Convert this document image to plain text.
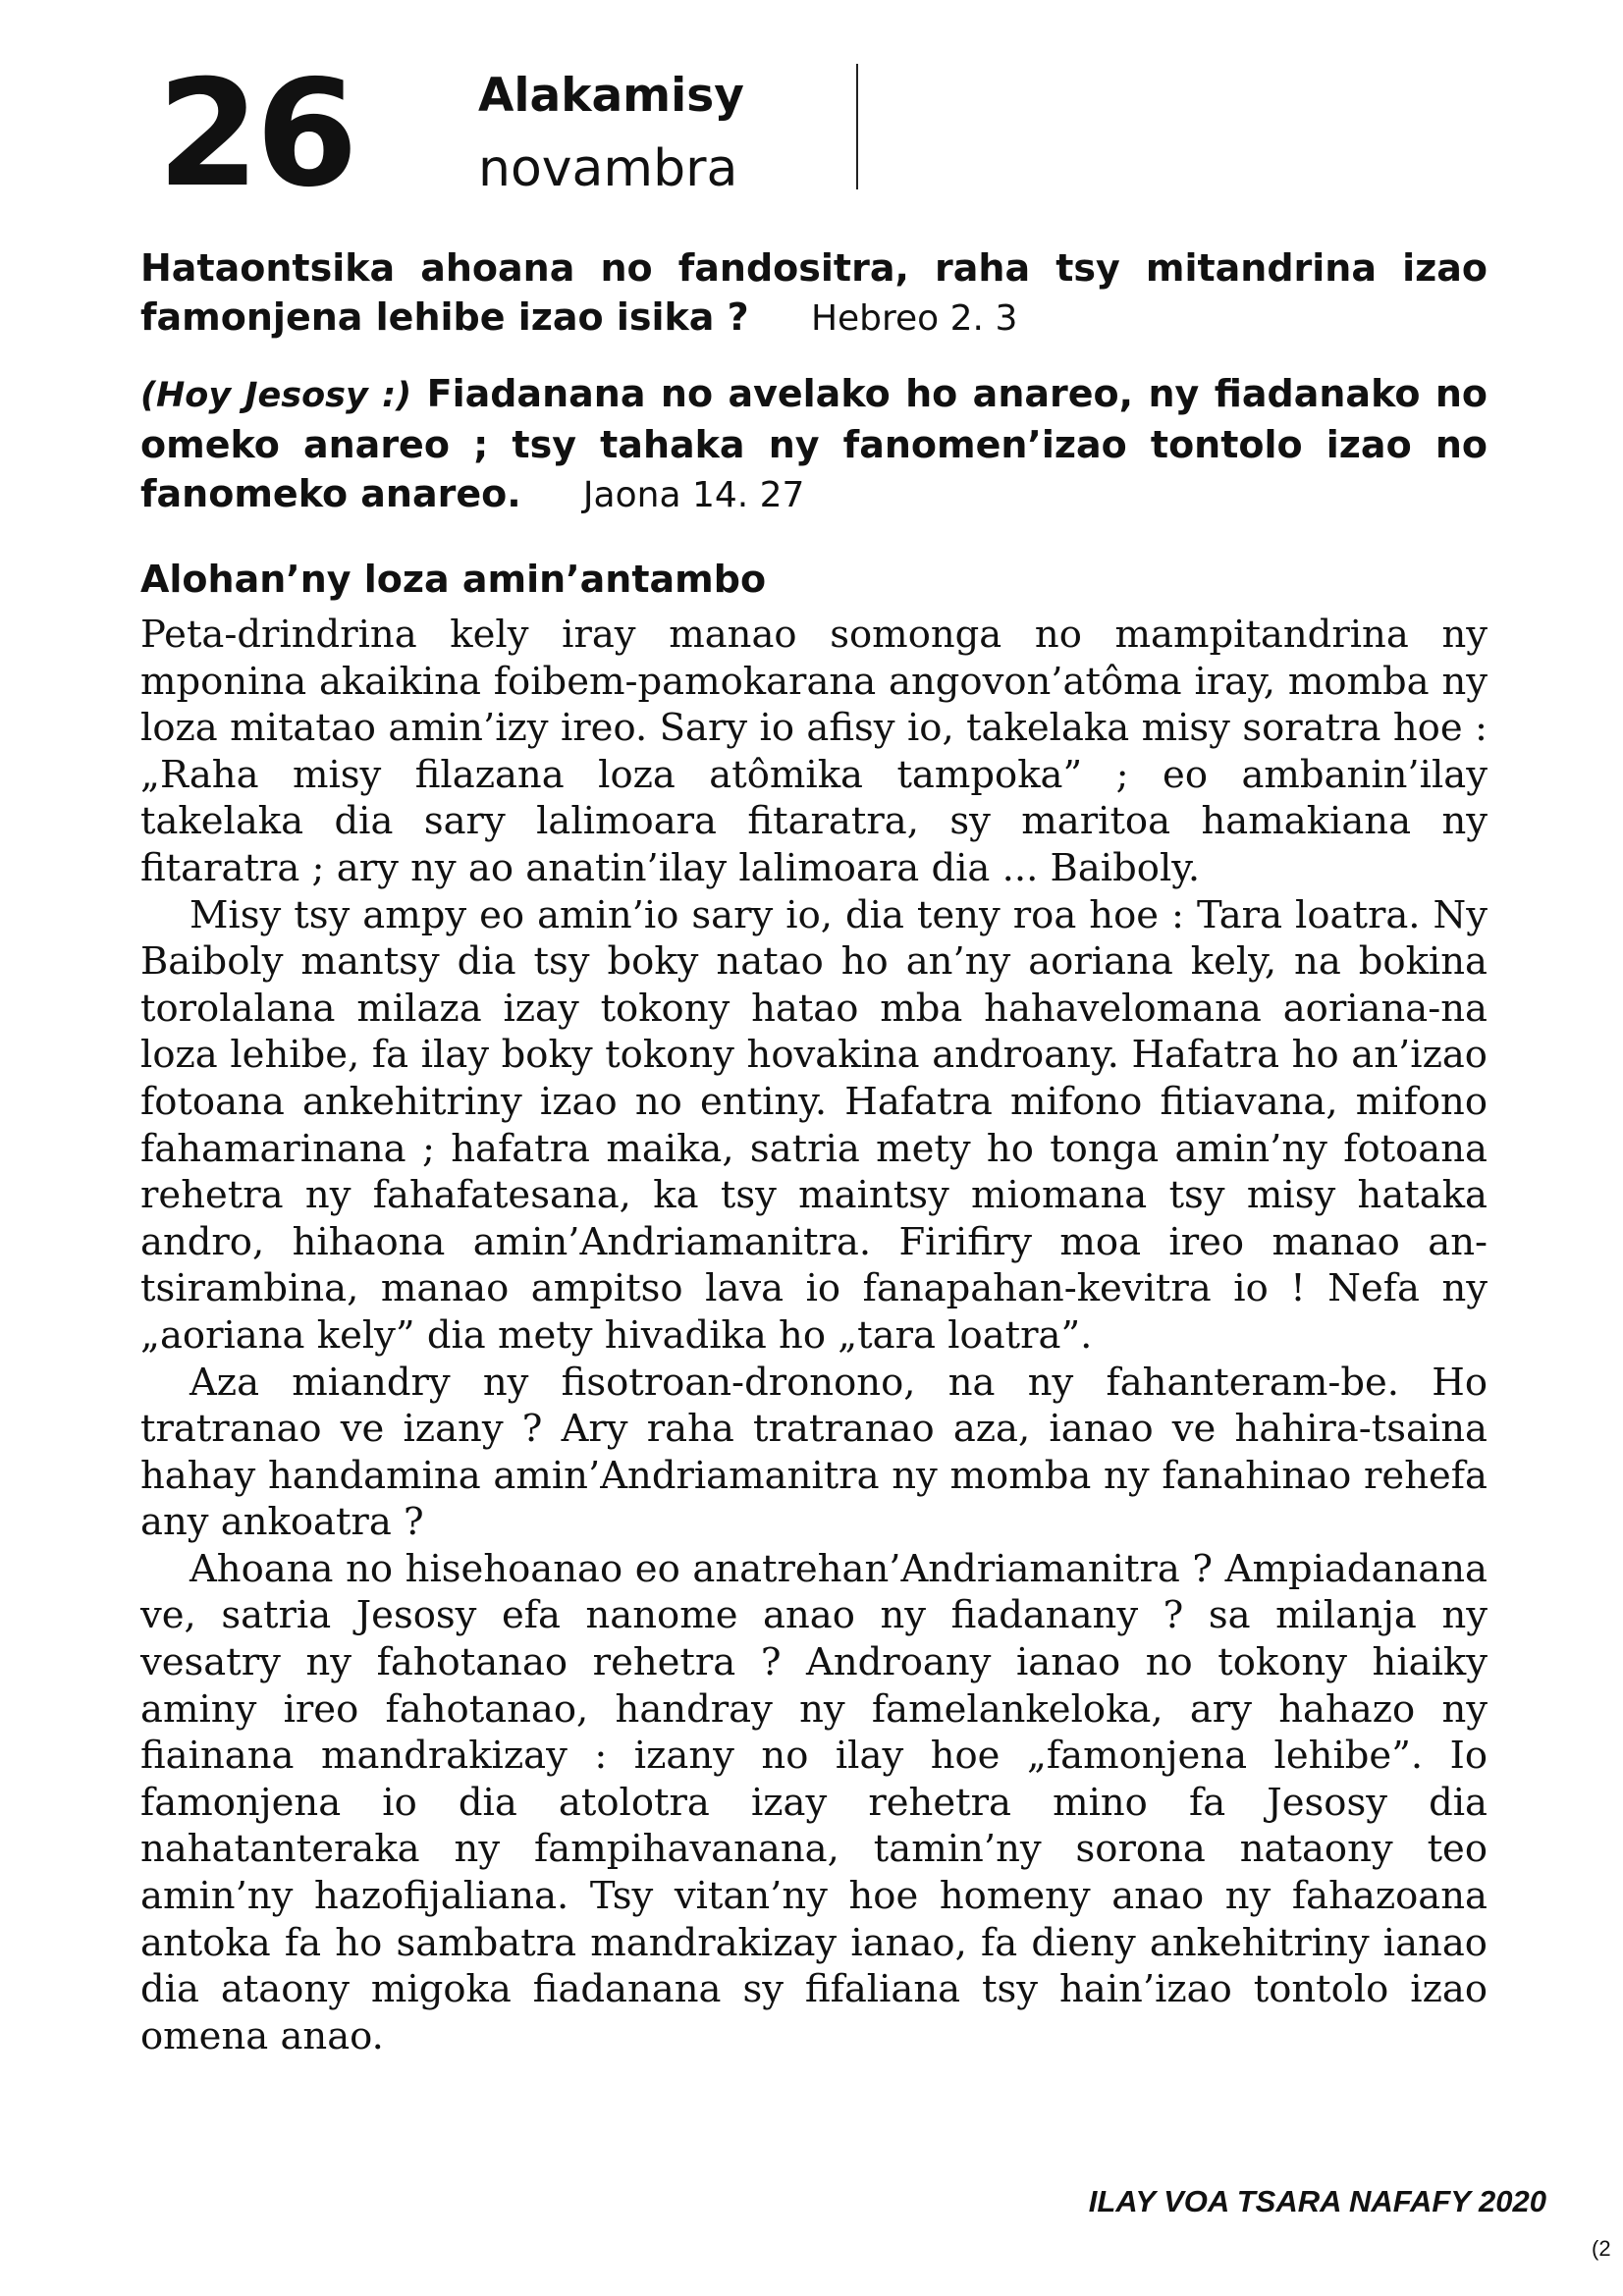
26	Alakamisy
novambra
Hataontsika ahoana no fandositra, raha tsy mitandrina izao famonjena lehibe izao isika ? Hebreo 2. 3
(Hoy Jesosy :) Fiadanana no avelako ho anareo, ny fiadanako no omeko anareo ; tsy tahaka ny fanomen’izao tontolo izao no fanomeko anareo. Jaona 14. 27
Alohan’ny loza amin’antambo

Peta-drindrina kely iray manao somonga no mampitandrina ny mponina akaikina foibem-pamokarana angovon’atôma iray, momba ny loza mitatao amin’izy ireo. Sary io afisy io, takelaka misy soratra hoe : „Raha misy filazana loza atômika tampoka” ; eo ambanin’ilay takelaka dia sary lalimoara fitaratra, sy maritoa hamakiana ny fitaratra ; ary ny ao anatin’ilay lalimoara dia ... Baiboly.

Misy tsy ampy eo amin’io sary io, dia teny roa hoe : Tara loatra. Ny Baiboly mantsy dia tsy boky natao ho an’ny aoriana kely, na bokina torolalana milaza izay tokony hatao mba hahavelomana aoriana-na loza lehibe, fa ilay boky tokony hovakina androany. Hafatra ho an’izao fotoana ankehitriny izao no entiny. Hafatra mifono fitiavana, mifono fahamarinana ; hafatra maika, satria mety ho tonga amin’ny fotoana rehetra ny fahafatesana, ka tsy maintsy miomana tsy misy hataka andro, hihaona amin’Andriamanitra. Firifiry moa ireo manao an-tsirambina, manao ampitso lava io fanapahan-kevitra io ! Nefa ny „aoriana kely” dia mety hivadika ho „tara loatra”.

Aza miandry ny fisotroan-dronono, na ny fahanteram-be. Ho tratranao ve izany ? Ary raha tratranao aza, ianao ve hahira-tsaina hahay handamina amin’Andriamanitra ny momba ny fanahinao rehefa any ankoatra ?

Ahoana no hisehoanao eo anatrehan’Andriamanitra ? Ampiadanana ve, satria Jesosy efa nanome anao ny fiadanany ? sa milanja ny vesatry ny fahotanao rehetra ? Androany ianao no tokony hiaiky aminy ireo fahotanao, handray ny famelankeloka, ary hahazo ny fiainana mandrakizay : izany no ilay hoe „famonjena lehibe”. Io famonjena io dia atolotra izay rehetra mino fa Jesosy dia nahatanteraka ny fampihavanana, tamin’ny sorona nataony teo amin’ny hazofijaliana. Tsy vitan’ny hoe homeny anao ny fahazoana antoka fa ho sambatra mandrakizay ianao, fa dieny ankehitriny ianao dia ataony migoka fiadanana sy fifaliana tsy hain’izao tontolo izao omena anao.

ILAY VOA TSARA NAFAFY 2020
(2
